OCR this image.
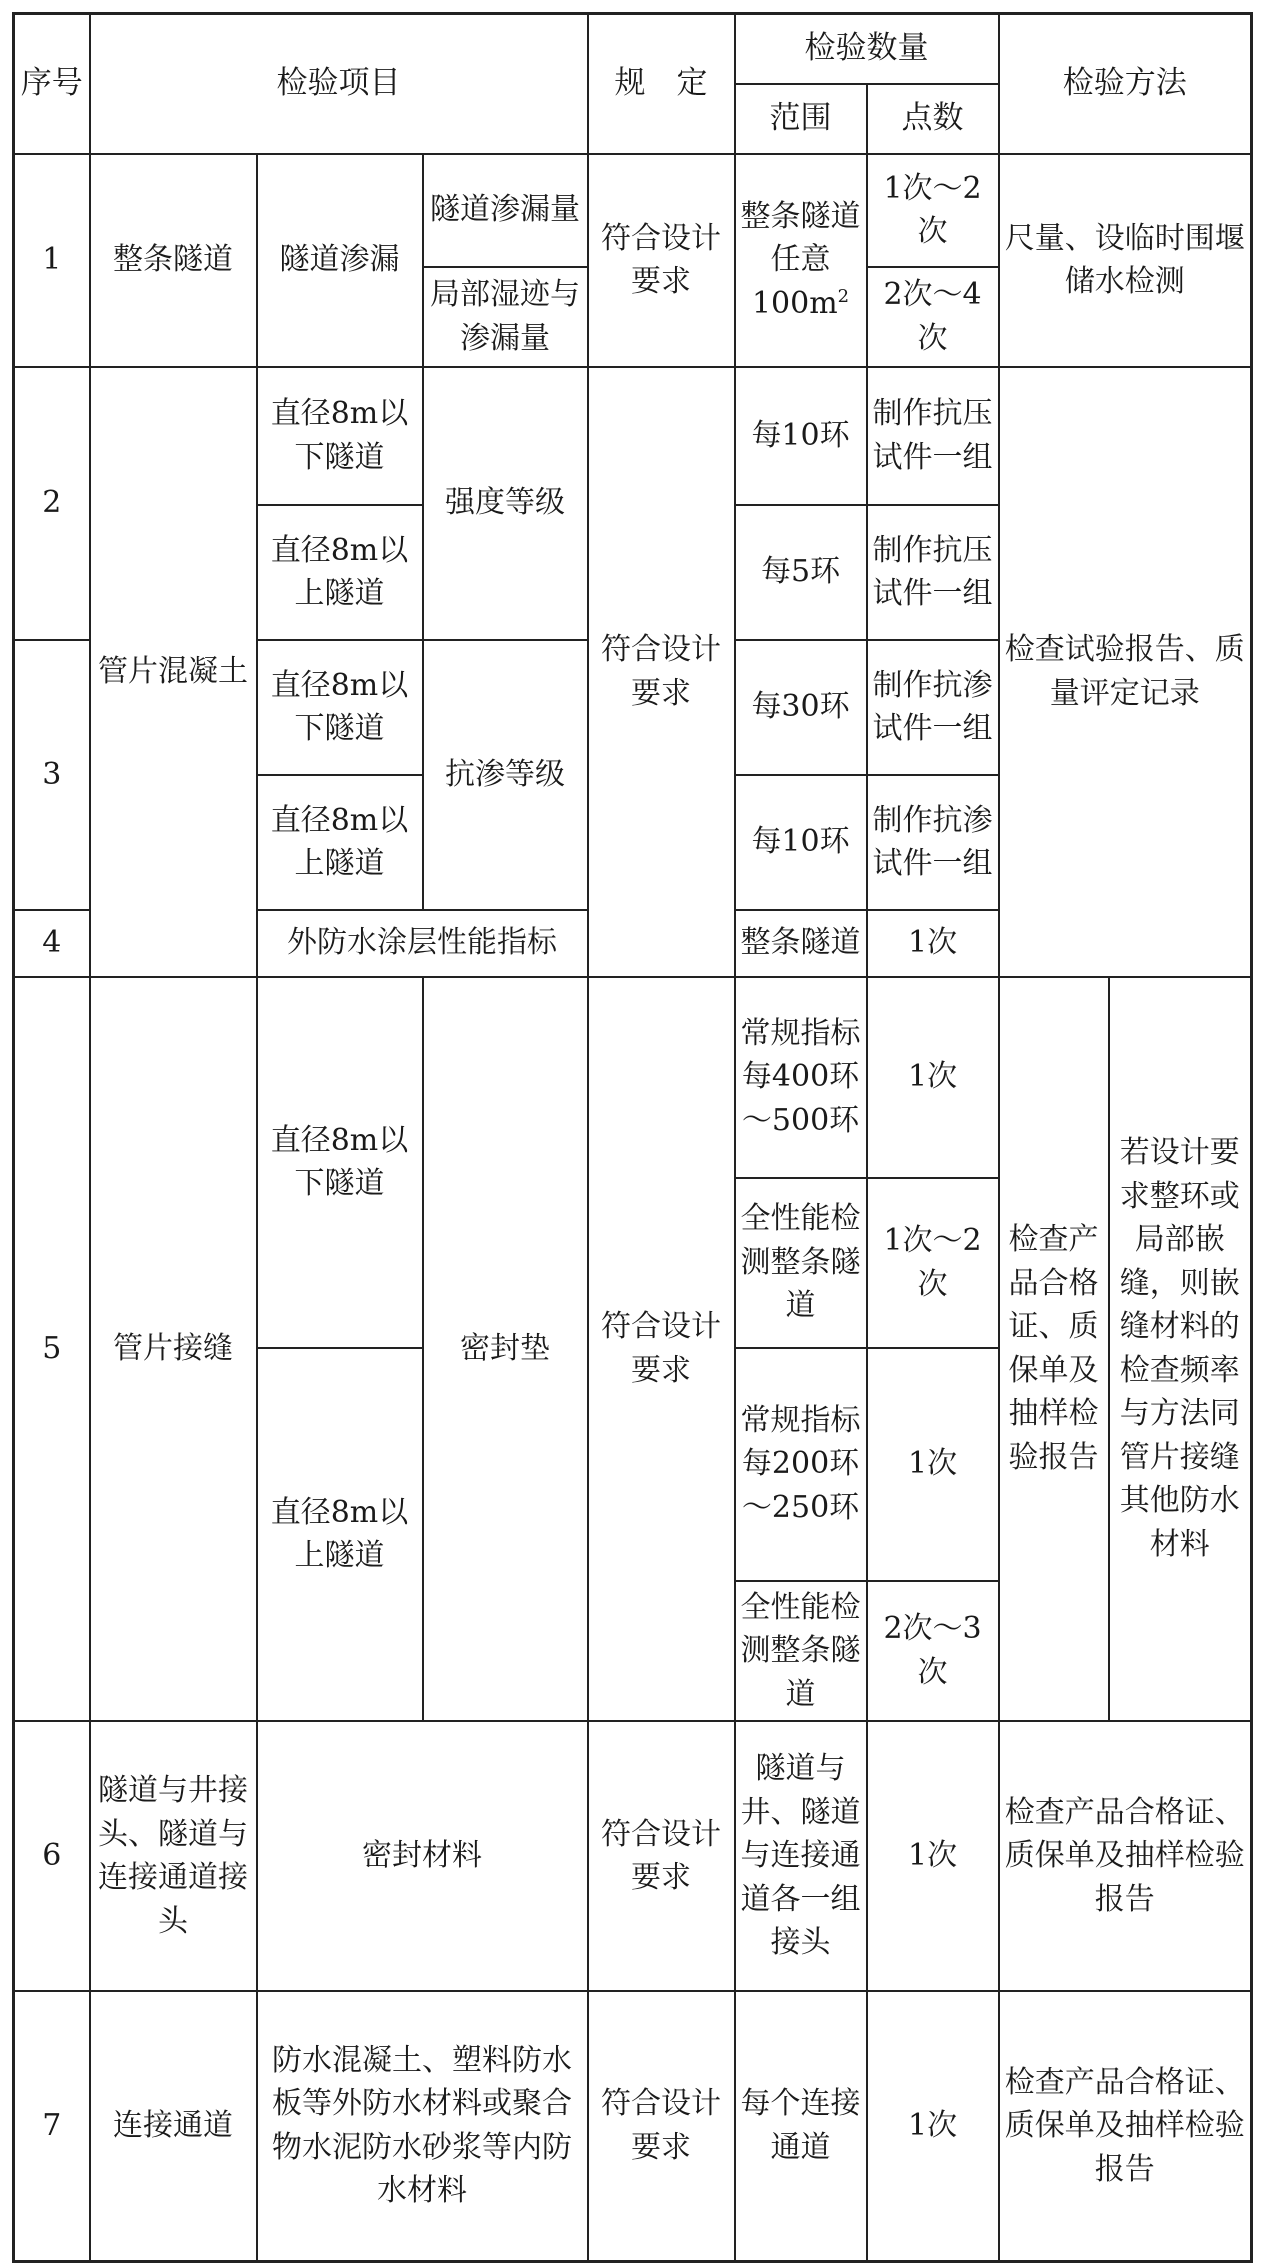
序号	检验项目			规　定	检验数量		检验方法	
					范围	点数		
1	整条隧道	隧道渗漏	隧道渗漏量	符合设计要求	整条隧道任意$100m^2$	1次～2次	尺量、设临时围堰储水检测	
			局部湿迹与渗漏量			2次～4次		
2	管片混凝土	直径8m以下隧道	强度等级	符合设计要求	每10环	制作抗压试件一组	检查试验报告、质量评定记录	
		直径8m以上隧道			每5环	制作抗压试件一组		
3		直径8m以下隧道	抗渗等级		每30环	制作抗渗试件一组		
		直径8m以上隧道			每10环	制作抗渗试件一组		
4		外防水涂层性能指标			整条隧道	1次		
5	管片接缝	直径8m以下隧道	密封垫	符合设计要求	常规指标每400环～500环	1次	检查产品合格证、质保单及抽样检验报告	若设计要求整环或局部嵌缝，则嵌缝材料的检查频率与方法同管片接缝其他防水材料
					全性能检测整条隧道	1次～2次		
		直径8m以上隧道			常规指标每200环～250环	1次		
					全性能检测整条隧道	2次～3次		
6	隧道与井接头、隧道与连接通道接头	密封材料		符合设计要求	隧道与井、隧道与连接通道各一组接头	1次	检查产品合格证、质保单及抽样检验报告	
7	连接通道	防水混凝土、塑料防水板等外防水材料或聚合物水泥防水砂浆等内防水材料		符合设计要求	每个连接通道	1次	检查产品合格证、质保单及抽样检验报告	
